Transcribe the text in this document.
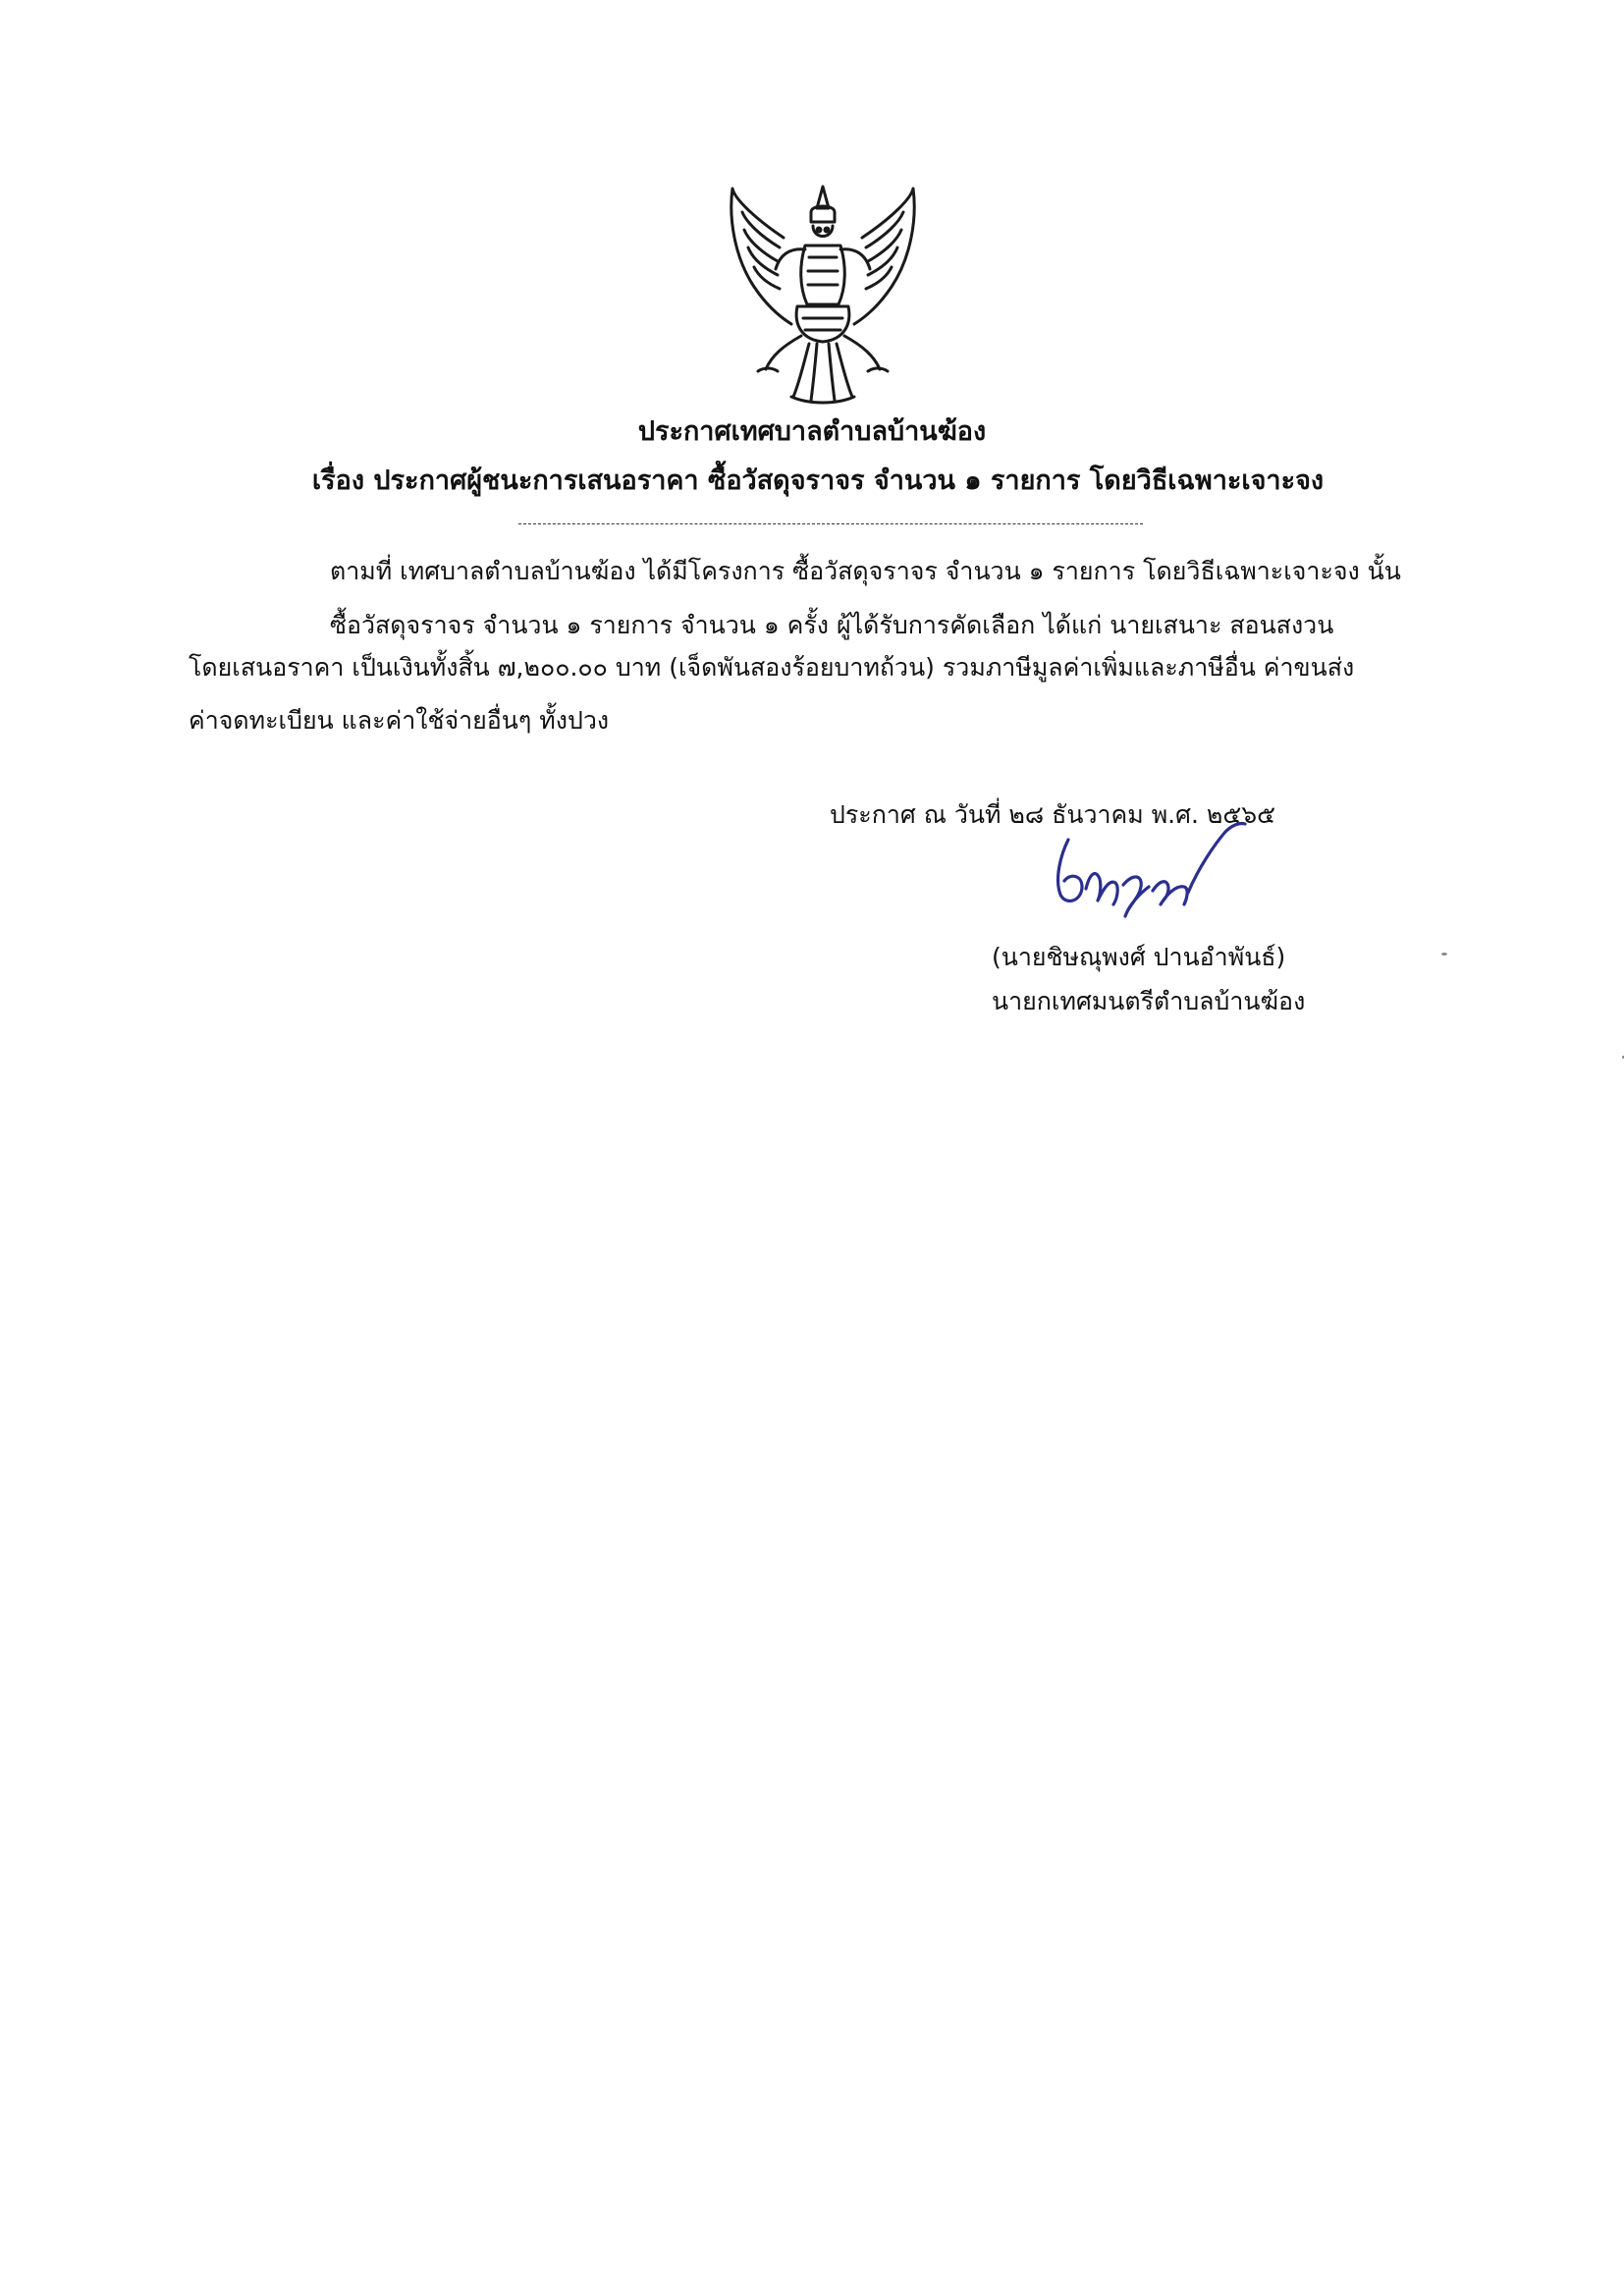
ประกาศเทศบาลตำบลบ้านฆ้อง
เรื่อง ประกาศผู้ชนะการเสนอราคา ซื้อวัสดุจราจร จำนวน ๑ รายการ โดยวิธีเฉพาะเจาะจง
ตามที่ เทศบาลตำบลบ้านฆ้อง ได้มีโครงการ ซื้อวัสดุจราจร จำนวน ๑ รายการ โดยวิธีเฉพาะเจาะจง นั้น
ซื้อวัสดุจราจร จำนวน ๑ รายการ จำนวน ๑ ครั้ง ผู้ได้รับการคัดเลือก ได้แก่ นายเสนาะ สอนสงวน
โดยเสนอราคา เป็นเงินทั้งสิ้น ๗,๒๐๐.๐๐ บาท (เจ็ดพันสองร้อยบาทถ้วน) รวมภาษีมูลค่าเพิ่มและภาษีอื่น ค่าขนส่ง
ค่าจดทะเบียน และค่าใช้จ่ายอื่นๆ ทั้งปวง
ประกาศ ณ วันที่ ๒๘ ธันวาคม พ.ศ. ๒๕๖๕
(นายชิษณุพงศ์ ปานอำพันธ์)
นายกเทศมนตรีตำบลบ้านฆ้อง
